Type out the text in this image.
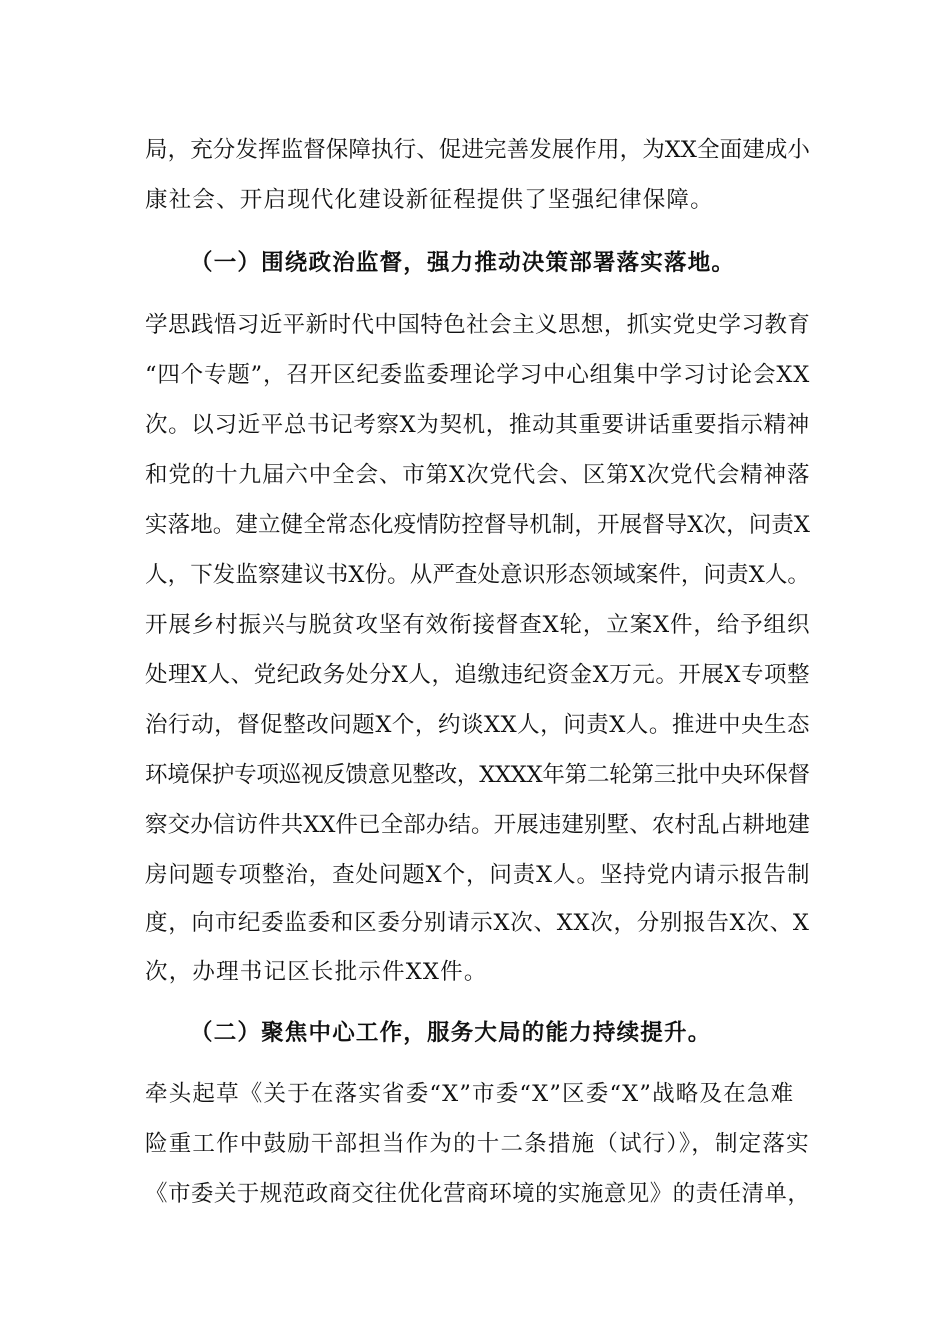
局，充分发挥监督保障执行、促进完善发展作用，为XX全面建成小
康社会、开启现代化建设新征程提供了坚强纪律保障。
（一）围绕政治监督，强力推动决策部署落实落地。
学思践悟习近平新时代中国特色社会主义思想，抓实党史学习教育
“四个专题”，召开区纪委监委理论学习中心组集中学习讨论会XX
次。以习近平总书记考察X为契机，推动其重要讲话重要指示精神
和党的十九届六中全会、市第X次党代会、区第X次党代会精神落
实落地。建立健全常态化疫情防控督导机制，开展督导X次，问责X
人，下发监察建议书X份。从严查处意识形态领域案件，问责X人。
开展乡村振兴与脱贫攻坚有效衔接督查X轮，立案X件，给予组织
处理X人、党纪政务处分X人，追缴违纪资金X万元。开展X专项整
治行动，督促整改问题X个，约谈XX人，问责X人。推进中央生态
环境保护专项巡视反馈意见整改，XXXX年第二轮第三批中央环保督
察交办信访件共XX件已全部办结。开展违建别墅、农村乱占耕地建
房问题专项整治，查处问题X个，问责X人。坚持党内请示报告制
度，向市纪委监委和区委分别请示X次、XX次，分别报告X次、X
次，办理书记区长批示件XX件。
（二）聚焦中心工作，服务大局的能力持续提升。
牵头起草《关于在落实省委“X”市委“X”区委“X”战略及在急难
险重工作中鼓励干部担当作为的十二条措施（试行）》，制定落实
《市委关于规范政商交往优化营商环境的实施意见》的责任清单，
